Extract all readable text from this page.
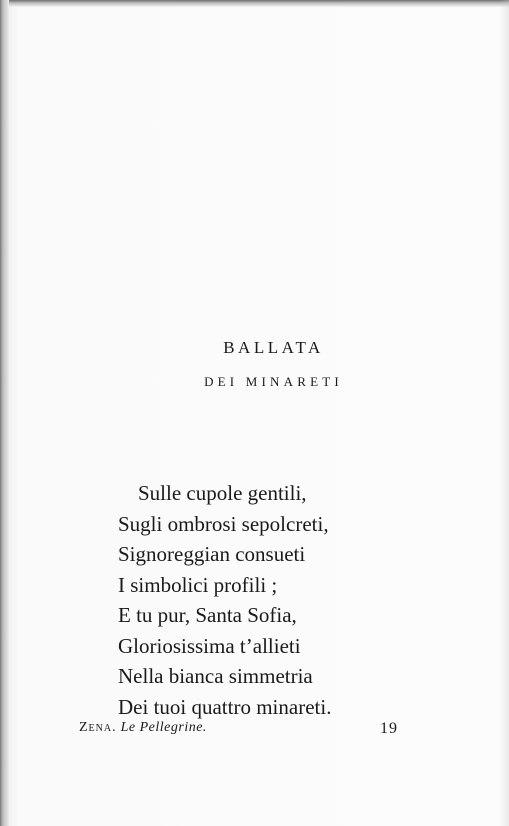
BALLATA
DEI MINARETI
Sulle cupole gentili,
Sugli ombrosi sepolcreti,
Signoreggian consueti
I simbolici profili ;
E tu pur, Santa Sofia,
Gloriosissima t’allieti
Nella bianca simmetria
Dei tuoi quattro minareti.
Zena. Le Pellegrine.	19
